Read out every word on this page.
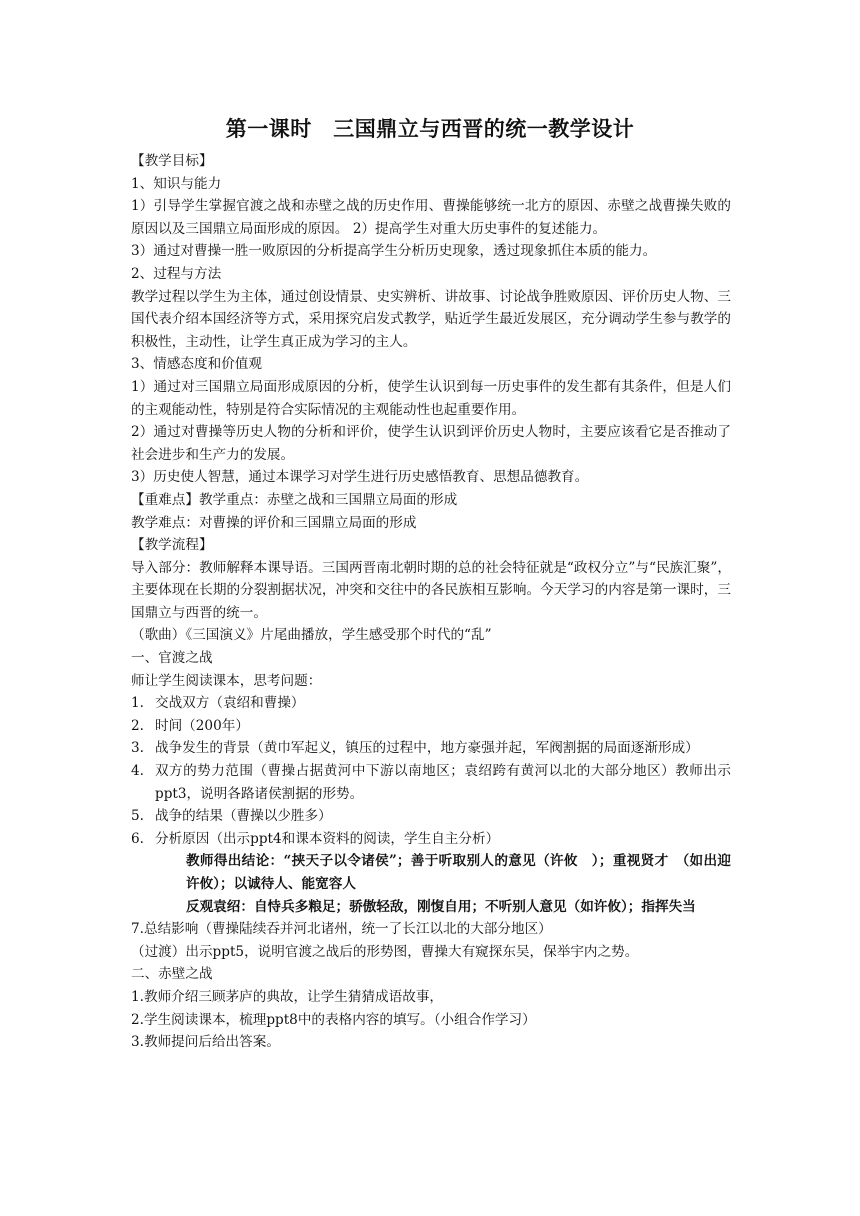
第一课时　三国鼎立与西晋的统一教学设计
【教学目标】
1、知识与能力
1）引导学生掌握官渡之战和赤壁之战的历史作用、曹操能够统一北方的原因、赤壁之战曹操失败的原因以及三国鼎立局面形成的原因。 2）提高学生对重大历史事件的复述能力。
3）通过对曹操一胜一败原因的分析提高学生分析历史现象，透过现象抓住本质的能力。
2、过程与方法
教学过程以学生为主体，通过创设情景、史实辨析、讲故事、讨论战争胜败原因、评价历史人物、三国代表介绍本国经济等方式，采用探究启发式教学，贴近学生最近发展区，充分调动学生参与教学的积极性，主动性，让学生真正成为学习的主人。
3、情感态度和价值观
1）通过对三国鼎立局面形成原因的分析，使学生认识到每一历史事件的发生都有其条件，但是人们的主观能动性，特别是符合实际情况的主观能动性也起重要作用。
2）通过对曹操等历史人物的分析和评价，使学生认识到评价历史人物时，主要应该看它是否推动了社会进步和生产力的发展。
3）历史使人智慧，通过本课学习对学生进行历史感悟教育、思想品德教育。
【重难点】教学重点：赤壁之战和三国鼎立局面的形成
教学难点：对曹操的评价和三国鼎立局面的形成
【教学流程】
导入部分：教师解释本课导语。三国两晋南北朝时期的总的社会特征就是“政权分立”与“民族汇聚”，主要体现在长期的分裂割据状况，冲突和交往中的各民族相互影响。今天学习的内容是第一课时，三国鼎立与西晋的统一。
（歌曲）《三国演义》片尾曲播放，学生感受那个时代的“乱”
一、官渡之战
师让学生阅读课本，思考问题：
1. 交战双方（袁绍和曹操）
2. 时间（200年）
3. 战争发生的背景（黄巾军起义，镇压的过程中，地方豪强并起，军阀割据的局面逐渐形成）
4. 双方的势力范围（曹操占据黄河中下游以南地区；袁绍跨有黄河以北的大部分地区）教师出示ppt3，说明各路诸侯割据的形势。
5. 战争的结果（曹操以少胜多）
6. 分析原因（出示ppt4和课本资料的阅读，学生自主分析）
教师得出结论：“挟天子以令诸侯”；善于听取别人的意见（许攸　）；重视贤才　（如出迎许攸）；以诚待人、能宽容人
反观袁绍：自恃兵多粮足；骄傲轻敌，刚愎自用；不听别人意见（如许攸）；指挥失当
7.总结影响（曹操陆续吞并河北诸州，统一了长江以北的大部分地区）
（过渡）出示ppt5，说明官渡之战后的形势图，曹操大有窥探东吴，保举宇内之势。
二、赤壁之战
1.教师介绍三顾茅庐的典故，让学生猜猜成语故事，
2.学生阅读课本，梳理ppt8中的表格内容的填写。（小组合作学习）
3.教师提问后给出答案。
